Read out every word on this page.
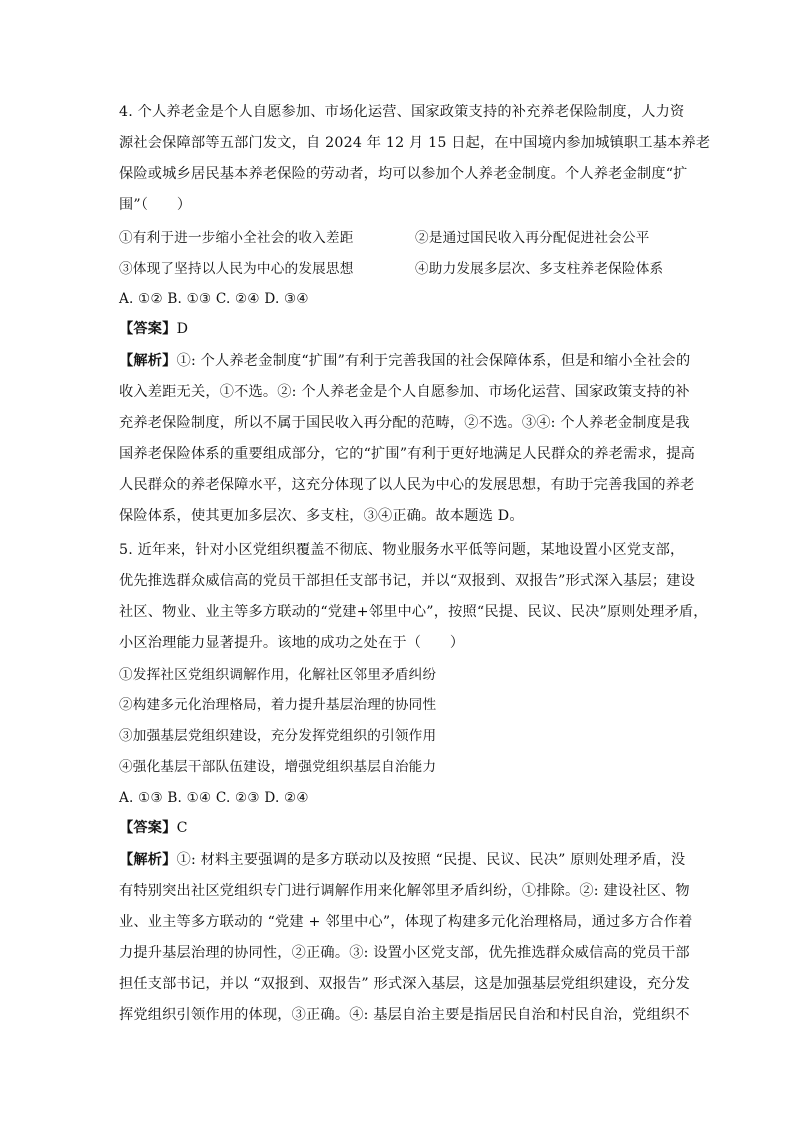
4. 个人养老金是个人自愿参加、市场化运营、国家政策支持的补充养老保险制度，人力资
源社会保障部等五部门发文，自 2024 年 12 月 15 日起，在中国境内参加城镇职工基本养老
保险或城乡居民基本养老保险的劳动者，均可以参加个人养老金制度。个人养老金制度“扩
围”（　　）
①有利于进一步缩小全社会的收入差距	②是通过国民收入再分配促进社会公平
③体现了坚持以人民为中心的发展思想	④助力发展多层次、多支柱养老保险体系
A. ①② B. ①③ C. ②④ D. ③④
【答案】D
【解析】①: 个人养老金制度“扩围”有利于完善我国的社会保障体系，但是和缩小全社会的
收入差距无关，①不选。②: 个人养老金是个人自愿参加、市场化运营、国家政策支持的补
充养老保险制度，所以不属于国民收入再分配的范畴，②不选。③④: 个人养老金制度是我
国养老保险体系的重要组成部分，它的“扩围”有利于更好地满足人民群众的养老需求，提高
人民群众的养老保障水平，这充分体现了以人民为中心的发展思想，有助于完善我国的养老
保险体系，使其更加多层次、多支柱，③④正确。故本题选 D。
5. 近年来，针对小区党组织覆盖不彻底、物业服务水平低等问题，某地设置小区党支部，
优先推选群众威信高的党员干部担任支部书记，并以“双报到、双报告”形式深入基层；建设
社区、物业、业主等多方联动的“党建+邻里中心”，按照“民提、民议、民决”原则处理矛盾，
小区治理能力显著提升。该地的成功之处在于（　　）
①发挥社区党组织调解作用，化解社区邻里矛盾纠纷
②构建多元化治理格局，着力提升基层治理的协同性
③加强基层党组织建设，充分发挥党组织的引领作用
④强化基层干部队伍建设，增强党组织基层自治能力
A. ①③ B. ①④ C. ②③ D. ②④
【答案】C
【解析】①: 材料主要强调的是多方联动以及按照 “民提、民议、民决” 原则处理矛盾，没
有特别突出社区党组织专门进行调解作用来化解邻里矛盾纠纷，①排除。②: 建设社区、物
业、业主等多方联动的 “党建 + 邻里中心”，体现了构建多元化治理格局，通过多方合作着
力提升基层治理的协同性，②正确。③: 设置小区党支部，优先推选群众威信高的党员干部
担任支部书记，并以 “双报到、双报告” 形式深入基层，这是加强基层党组织建设，充分发
挥党组织引领作用的体现，③正确。④: 基层自治主要是指居民自治和村民自治，党组织不
